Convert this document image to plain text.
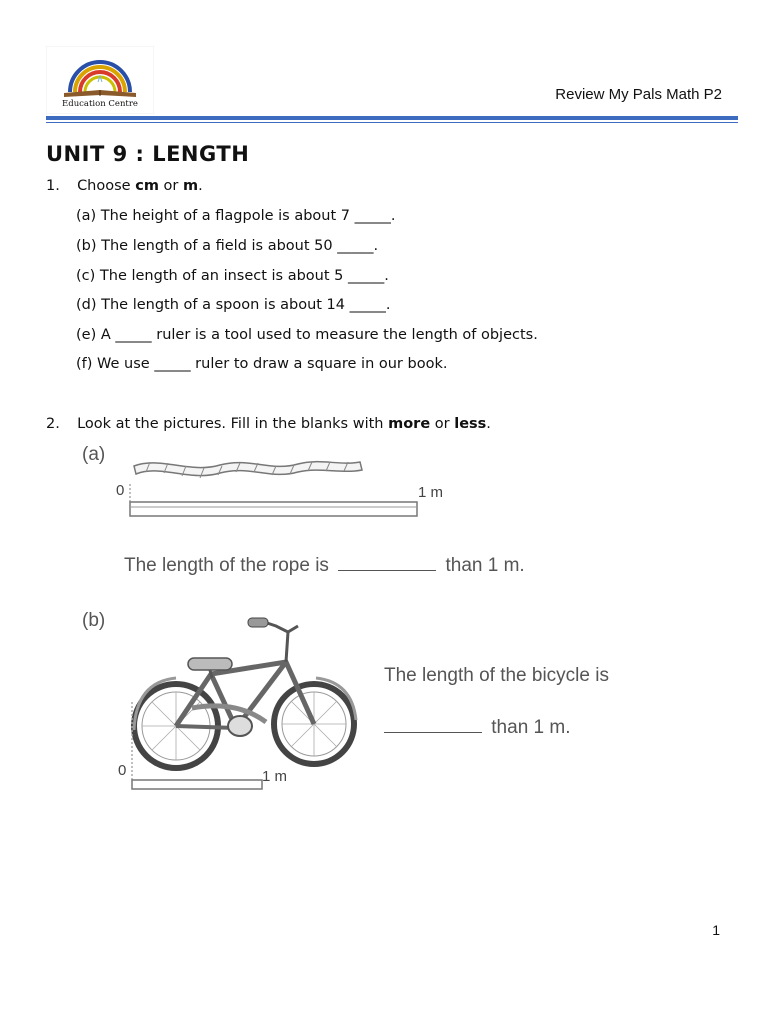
Education Centre
Review My Pals Math P2
UNIT 9 : LENGTH
1. Choose cm or m.
(a) The height of a flagpole is about 7 _____.
(b) The length of a field is about 50 _____.
(c) The length of an insect is about 5 _____.
(d) The length of a spoon is about 14 _____.
(e) A _____ ruler is a tool used to measure the length of objects.
(f) We use _____ ruler to draw a square in our book.
2. Look at the pictures. Fill in the blanks with more or less.
(a)
0	1 m
The length of the rope is	than 1 m.
(b)
0	1 m
The length of the bicycle is
than 1 m.
1
